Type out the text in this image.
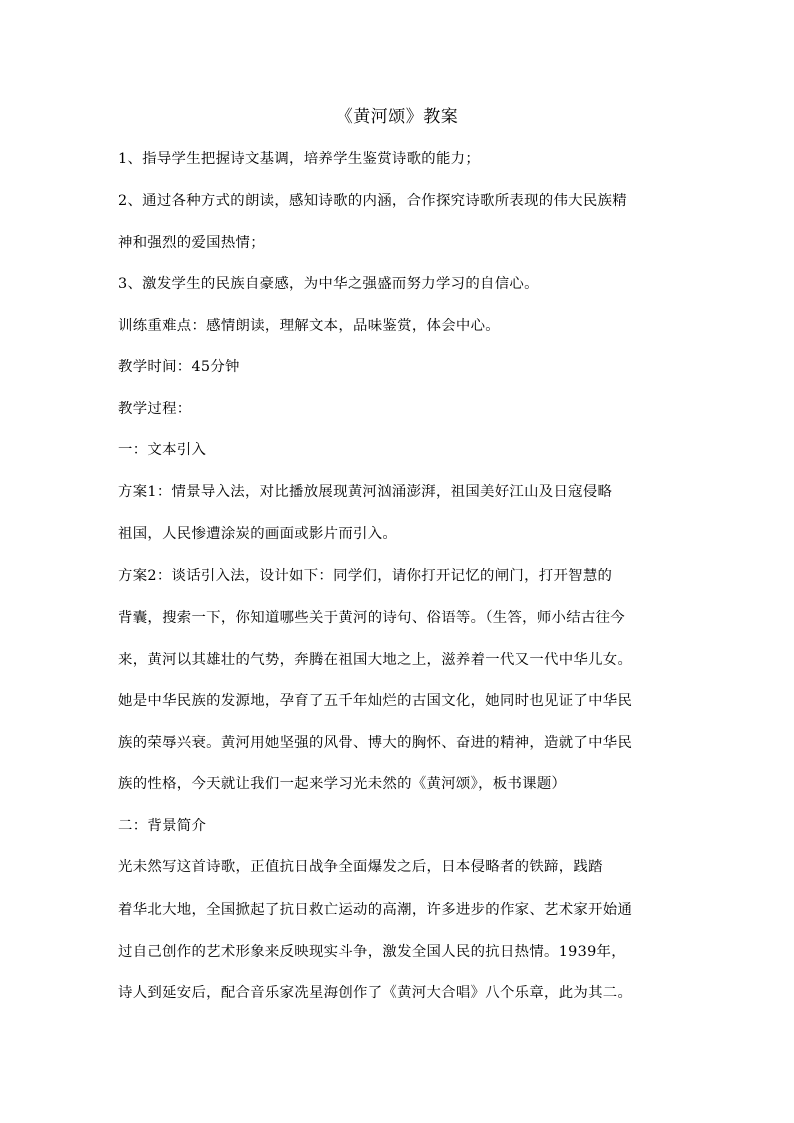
《黄河颂》教案
1、指导学生把握诗文基调，培养学生鉴赏诗歌的能力；
2、通过各种方式的朗读，感知诗歌的内涵，合作探究诗歌所表现的伟大民族精
神和强烈的爱国热情；
3、激发学生的民族自豪感，为中华之强盛而努力学习的自信心。
训练重难点：感情朗读，理解文本，品味鉴赏，体会中心。
教学时间：45分钟
教学过程：
一：文本引入
方案1：情景导入法，对比播放展现黄河汹涌澎湃，祖国美好江山及日寇侵略
祖国，人民惨遭涂炭的画面或影片而引入。
方案2：谈话引入法，设计如下：同学们，请你打开记忆的闸门，打开智慧的
背囊，搜索一下，你知道哪些关于黄河的诗句、俗语等。（生答，师小结古往今
来，黄河以其雄壮的气势，奔腾在祖国大地之上，滋养着一代又一代中华儿女。
她是中华民族的发源地，孕育了五千年灿烂的古国文化，她同时也见证了中华民
族的荣辱兴衰。黄河用她坚强的风骨、博大的胸怀、奋进的精神，造就了中华民
族的性格，今天就让我们一起来学习光未然的《黄河颂》，板书课题）
二：背景简介
光未然写这首诗歌，正值抗日战争全面爆发之后，日本侵略者的铁蹄，践踏
着华北大地，全国掀起了抗日救亡运动的高潮，许多进步的作家、艺术家开始通
过自己创作的艺术形象来反映现实斗争，激发全国人民的抗日热情。1939年，
诗人到延安后，配合音乐家冼星海创作了《黄河大合唱》八个乐章，此为其二。
